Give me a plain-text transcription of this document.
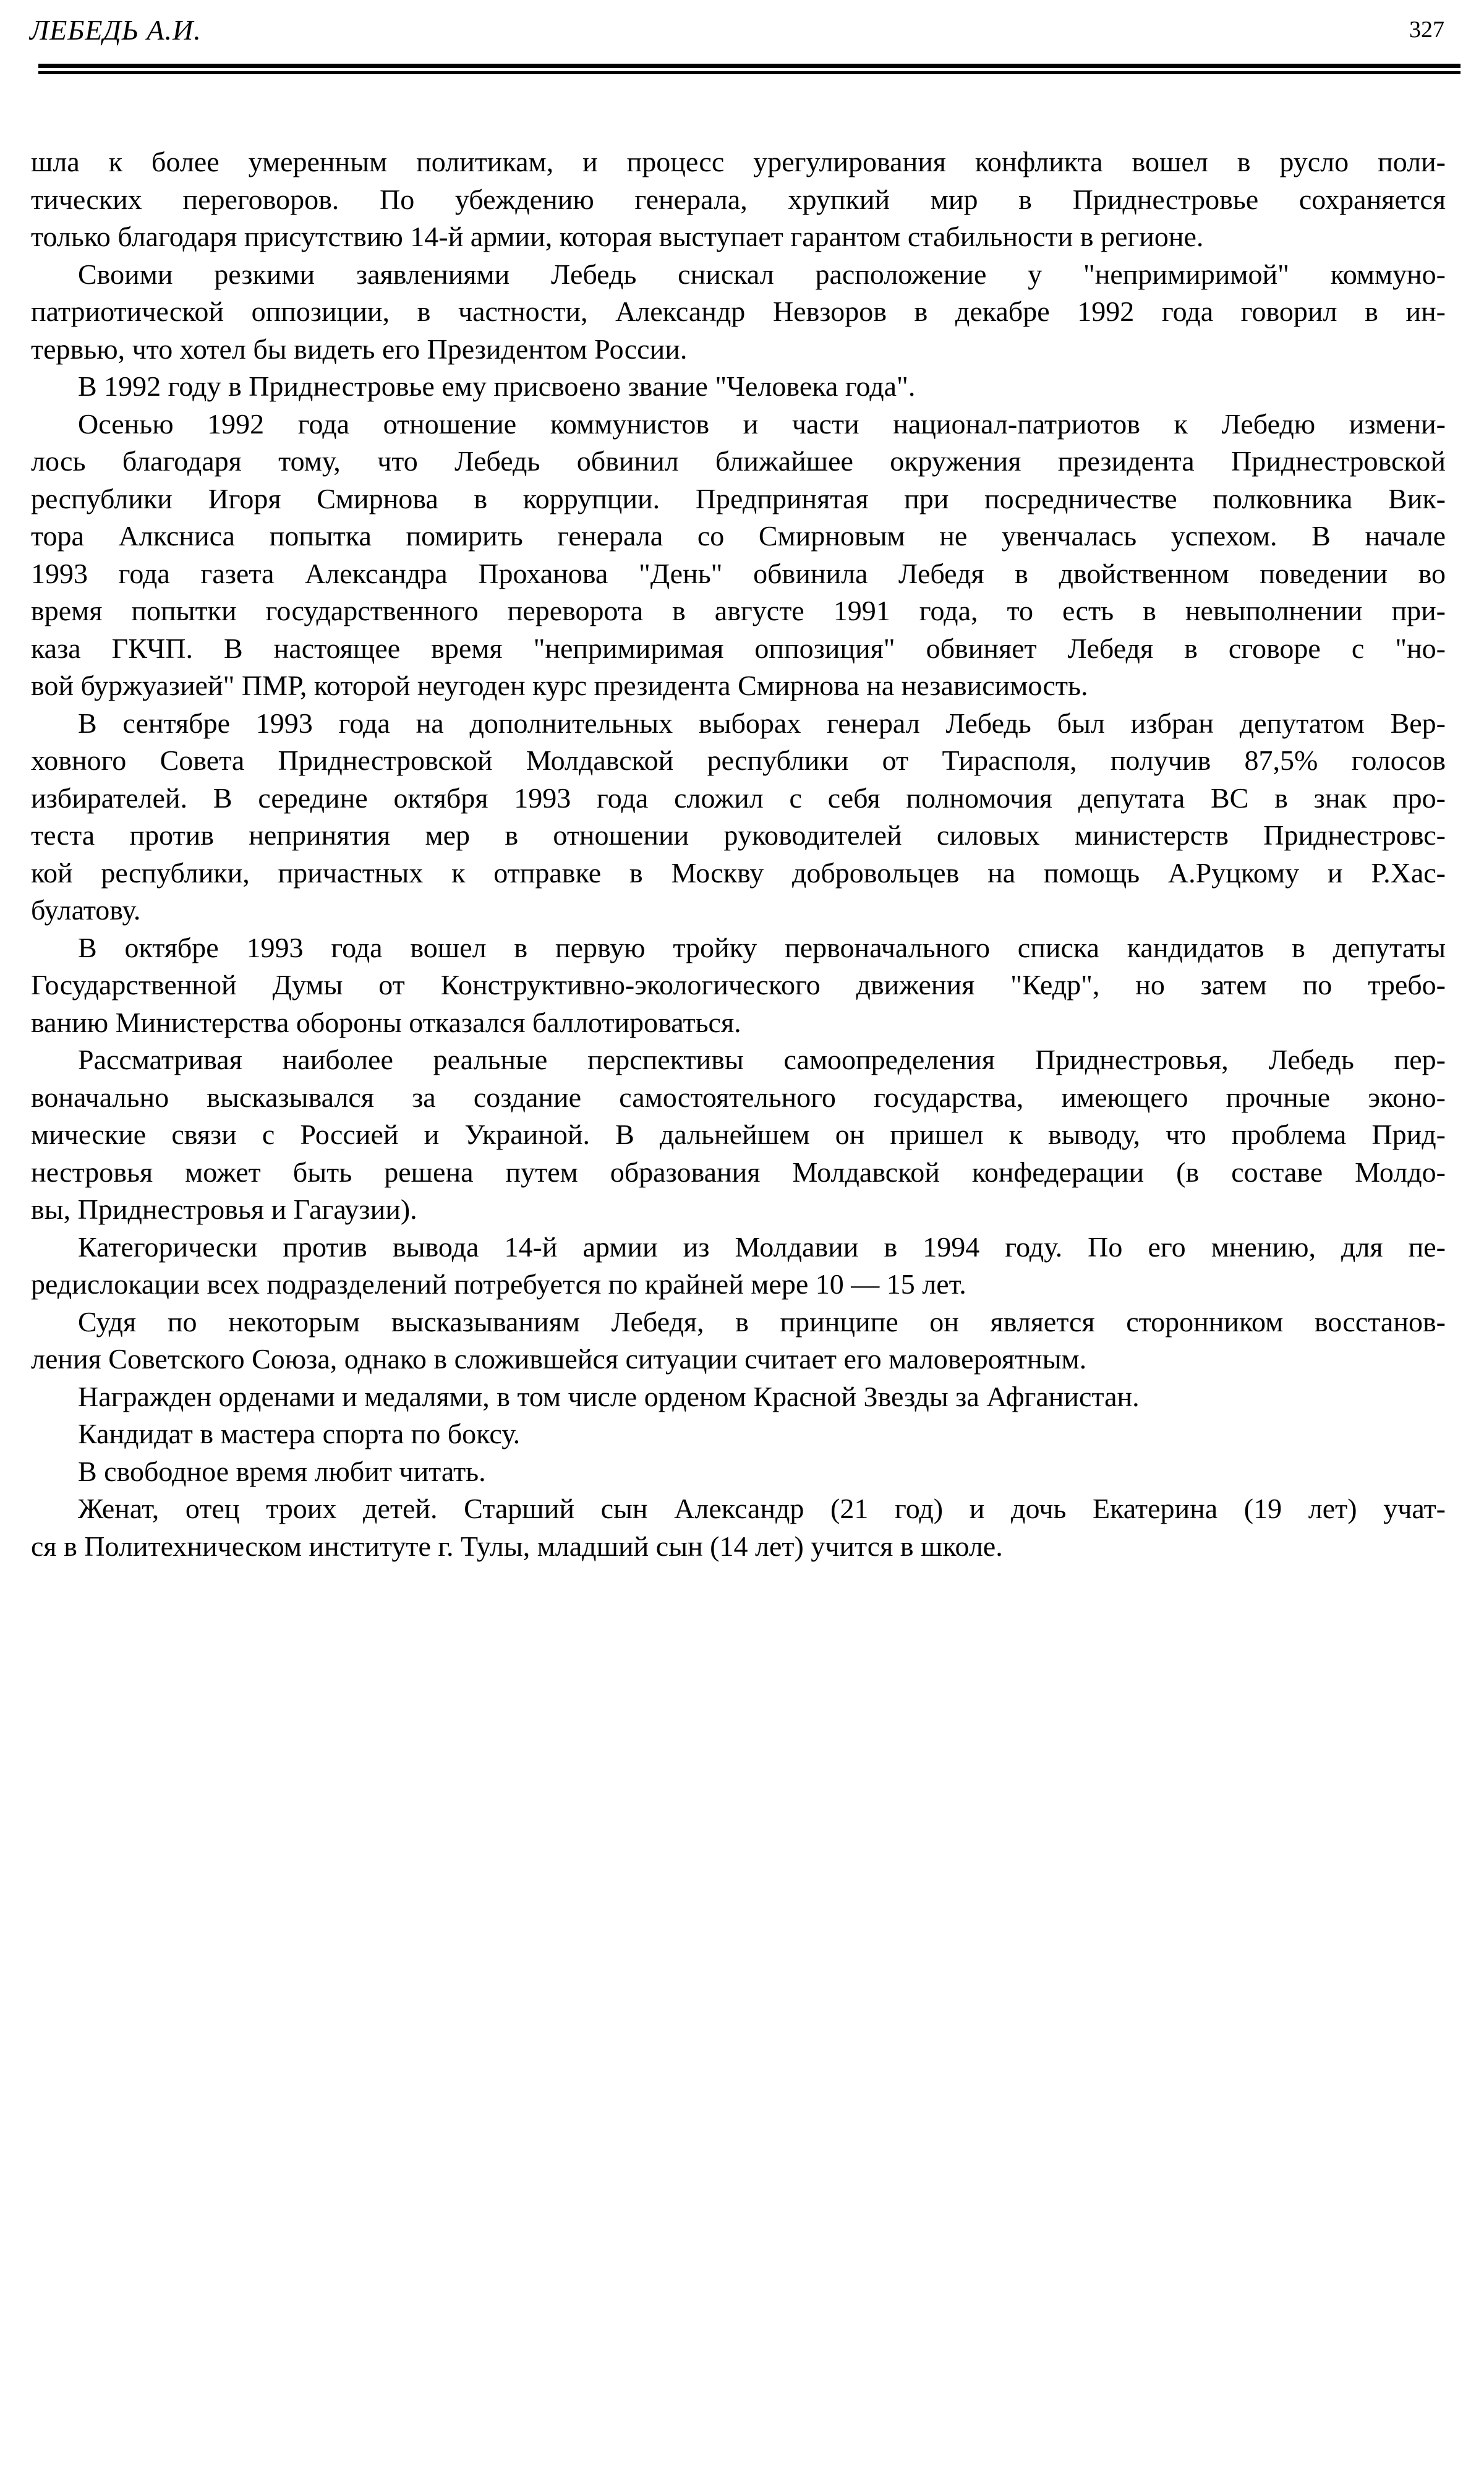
ЛЕБЕДЬ А.И.	327
шла к более умеренным политикам, и процесс урегулирования конфликта вошел в русло поли-
тических переговоров. По убеждению генерала, хрупкий мир в Приднестровье сохраняется
только благодаря присутствию 14-й армии, которая выступает гарантом стабильности в регионе.
Своими резкими заявлениями Лебедь снискал расположение у "непримиримой" коммуно-
патриотической оппозиции, в частности, Александр Невзоров в декабре 1992 года говорил в ин-
тервью, что хотел бы видеть его Президентом России.
В 1992 году в Приднестровье ему присвоено звание "Человека года".
Осенью 1992 года отношение коммунистов и части национал-патриотов к Лебедю измени-
лось благодаря тому, что Лебедь обвинил ближайшее окружения президента Приднестровской
республики Игоря Смирнова в коррупции. Предпринятая при посредничестве полковника Вик-
тора Алксниса попытка помирить генерала со Смирновым не увенчалась успехом. В начале
1993 года газета Александра Проханова "День" обвинила Лебедя в двойственном поведении во
время попытки государственного переворота в августе 1991 года, то есть в невыполнении при-
каза ГКЧП. В настоящее время "непримиримая оппозиция" обвиняет Лебедя в сговоре с "но-
вой буржуазией" ПМР, которой неугоден курс президента Смирнова на независимость.
В сентябре 1993 года на дополнительных выборах генерал Лебедь был избран депутатом Вер-
ховного Совета Приднестровской Молдавской республики от Тирасполя, получив 87,5% голосов
избирателей. В середине октября 1993 года сложил с себя полномочия депутата ВС в знак про-
теста против непринятия мер в отношении руководителей силовых министерств Приднестровс-
кой республики, причастных к отправке в Москву добровольцев на помощь А.Руцкому и Р.Хас-
булатову.
В октябре 1993 года вошел в первую тройку первоначального списка кандидатов в депутаты
Государственной Думы от Конструктивно-экологического движения "Кедр", но затем по требо-
ванию Министерства обороны отказался баллотироваться.
Рассматривая наиболее реальные перспективы самоопределения Приднестровья, Лебедь пер-
воначально высказывался за создание самостоятельного государства, имеющего прочные эконо-
мические связи с Россией и Украиной. В дальнейшем он пришел к выводу, что проблема Прид-
нестровья может быть решена путем образования Молдавской конфедерации (в составе Молдо-
вы, Приднестровья и Гагаузии).
Категорически против вывода 14-й армии из Молдавии в 1994 году. По его мнению, для пе-
редислокации всех подразделений потребуется по крайней мере 10 — 15 лет.
Судя по некоторым высказываниям Лебедя, в принципе он является сторонником восстанов-
ления Советского Союза, однако в сложившейся ситуации считает его маловероятным.
Награжден орденами и медалями, в том числе орденом Красной Звезды за Афганистан.
Кандидат в мастера спорта по боксу.
В свободное время любит читать.
Женат, отец троих детей. Старший сын Александр (21 год) и дочь Екатерина (19 лет) учат-
ся в Политехническом институте г. Тулы, младший сын (14 лет) учится в школе.
